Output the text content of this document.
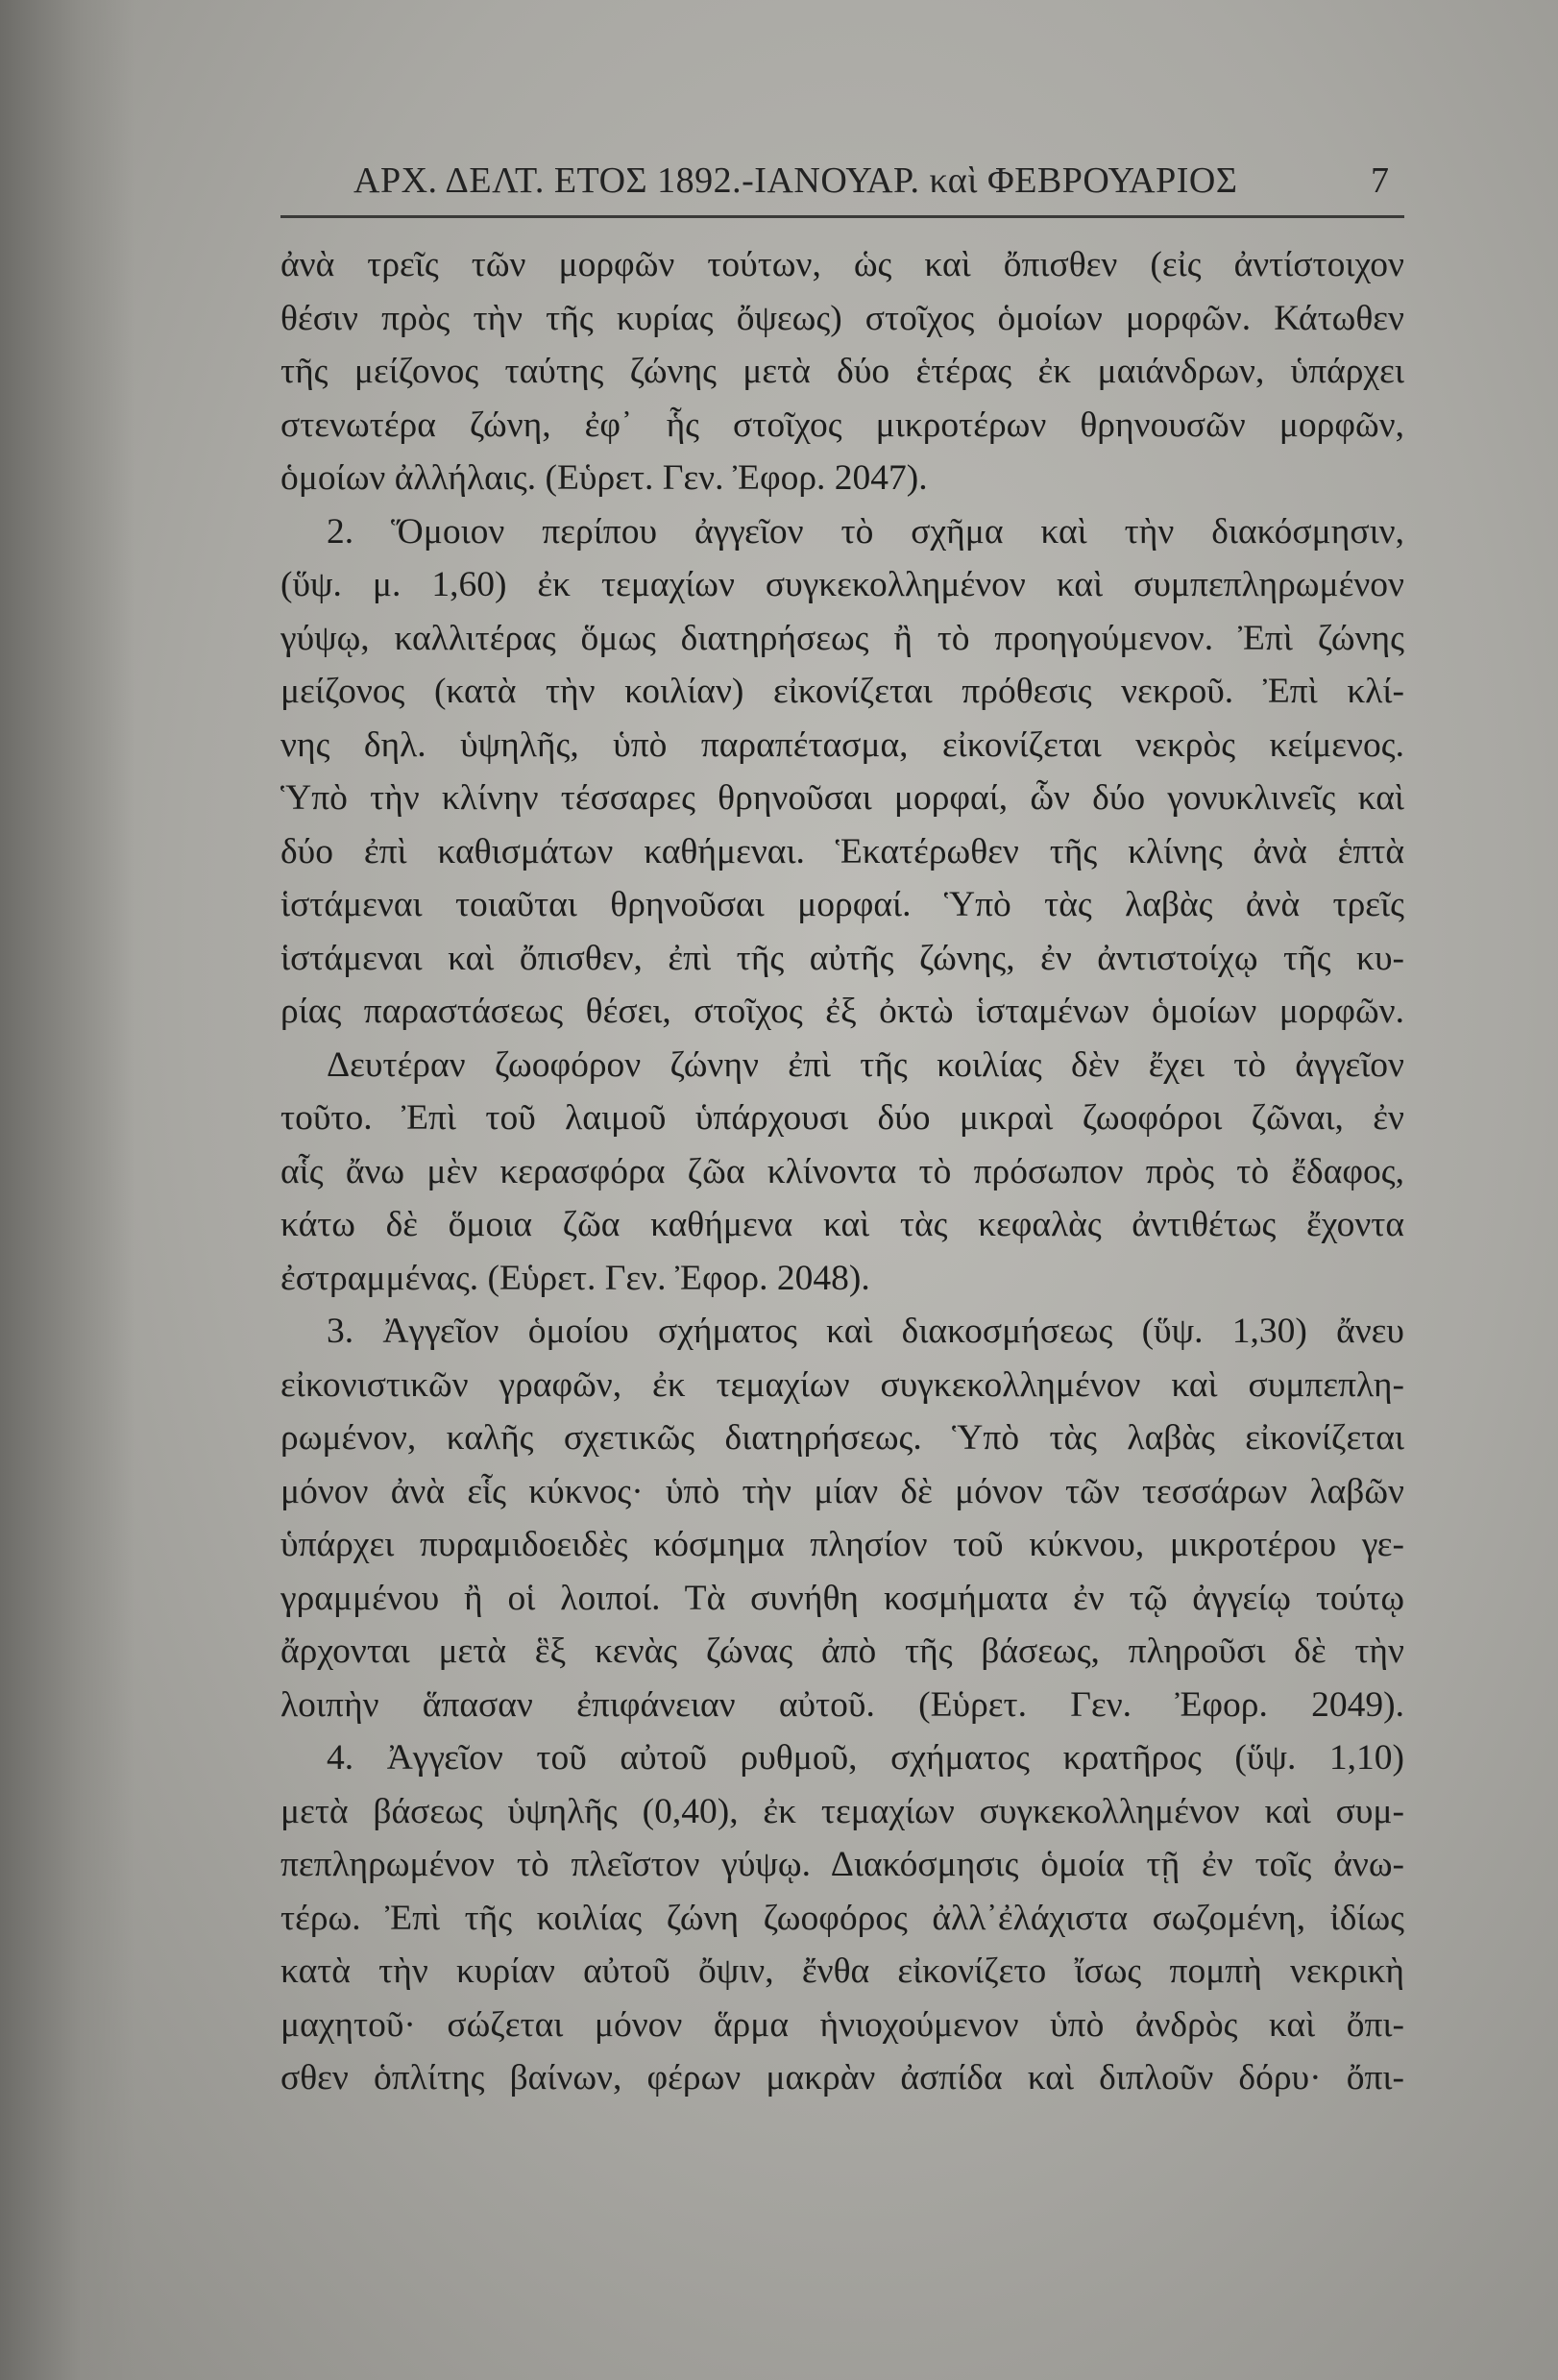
ΑΡΧ. ΔΕΛΤ. ΕΤΟΣ 1892.-ΙΑΝΟΥΑΡ. καὶ ΦΕΒΡΟΥΑΡΙΟΣ	7
ἀνὰ τρεῖς τῶν μορφῶν τούτων, ὡς καὶ ὄπισθεν (εἰς ἀντίστοιχον
θέσιν πρὸς τὴν τῆς κυρίας ὄψεως) στοῖχος ὁμοίων μορφῶν. Κάτωθεν
τῆς μείζονος ταύτης ζώνης μετὰ δύο ἑτέρας ἐκ μαιάνδρων, ὑπάρχει
στενωτέρα ζώνη, ἐφ᾽ ἧς στοῖχος μικροτέρων θρηνουσῶν μορφῶν,
ὁμοίων ἀλλήλαις. (Εὑρετ. Γεν. Ἐφορ. 2047).
2. Ὅμοιον περίπου ἀγγεῖον τὸ σχῆμα καὶ τὴν διακόσμησιν,
(ὕψ. μ. 1,60) ἐκ τεμαχίων συγκεκολλημένον καὶ συμπεπληρωμένον
γύψῳ, καλλιτέρας ὅμως διατηρήσεως ἢ τὸ προηγούμενον. Ἐπὶ ζώνης
μείζονος (κατὰ τὴν κοιλίαν) εἰκονίζεται πρόθεσις νεκροῦ. Ἐπὶ κλί-
νης δηλ. ὑψηλῆς, ὑπὸ παραπέτασμα, εἰκονίζεται νεκρὸς κείμενος.
Ὑπὸ τὴν κλίνην τέσσαρες θρηνοῦσαι μορφαί, ὧν δύο γονυκλινεῖς καὶ
δύο ἐπὶ καθισμάτων καθήμεναι. Ἑκατέρωθεν τῆς κλίνης ἀνὰ ἑπτὰ
ἱστάμεναι τοιαῦται θρηνοῦσαι μορφαί. Ὑπὸ τὰς λαβὰς ἀνὰ τρεῖς
ἱστάμεναι καὶ ὄπισθεν, ἐπὶ τῆς αὐτῆς ζώνης, ἐν ἀντιστοίχῳ τῆς κυ-
ρίας παραστάσεως θέσει, στοῖχος ἐξ ὀκτὼ ἱσταμένων ὁμοίων μορφῶν.
Δευτέραν ζωοφόρον ζώνην ἐπὶ τῆς κοιλίας δὲν ἔχει τὸ ἀγγεῖον
τοῦτο. Ἐπὶ τοῦ λαιμοῦ ὑπάρχουσι δύο μικραὶ ζωοφόροι ζῶναι, ἐν
αἷς ἄνω μὲν κερασφόρα ζῶα κλίνοντα τὸ πρόσωπον πρὸς τὸ ἔδαφος,
κάτω δὲ ὅμοια ζῶα καθήμενα καὶ τὰς κεφαλὰς ἀντιθέτως ἔχοντα
ἐστραμμένας. (Εὑρετ. Γεν. Ἐφορ. 2048).
3. Ἀγγεῖον ὁμοίου σχήματος καὶ διακοσμήσεως (ὕψ. 1,30) ἄνευ
εἰκονιστικῶν γραφῶν, ἐκ τεμαχίων συγκεκολλημένον καὶ συμπεπλη-
ρωμένον, καλῆς σχετικῶς διατηρήσεως. Ὑπὸ τὰς λαβὰς εἰκονίζεται
μόνον ἀνὰ εἷς κύκνος· ὑπὸ τὴν μίαν δὲ μόνον τῶν τεσσάρων λαβῶν
ὑπάρχει πυραμιδοειδὲς κόσμημα πλησίον τοῦ κύκνου, μικροτέρου γε-
γραμμένου ἢ οἱ λοιποί. Τὰ συνήθη κοσμήματα ἐν τῷ ἀγγείῳ τούτῳ
ἄρχονται μετὰ ἓξ κενὰς ζώνας ἀπὸ τῆς βάσεως, πληροῦσι δὲ τὴν
λοιπὴν ἅπασαν ἐπιφάνειαν αὐτοῦ. (Εὑρετ. Γεν. Ἐφορ. 2049).
4. Ἀγγεῖον τοῦ αὐτοῦ ρυθμοῦ, σχήματος κρατῆρος (ὕψ. 1,10)
μετὰ βάσεως ὑψηλῆς (0,40), ἐκ τεμαχίων συγκεκολλημένον καὶ συμ-
πεπληρωμένον τὸ πλεῖστον γύψῳ. Διακόσμησις ὁμοία τῇ ἐν τοῖς ἀνω-
τέρω. Ἐπὶ τῆς κοιλίας ζώνη ζωοφόρος ἀλλ᾽ἐλάχιστα σωζομένη, ἰδίως
κατὰ τὴν κυρίαν αὐτοῦ ὄψιν, ἔνθα εἰκονίζετο ἴσως πομπὴ νεκρικὴ
μαχητοῦ· σώζεται μόνον ἅρμα ἡνιοχούμενον ὑπὸ ἀνδρὸς καὶ ὄπι-
σθεν ὁπλίτης βαίνων, φέρων μακρὰν ἀσπίδα καὶ διπλοῦν δόρυ· ὄπι-
